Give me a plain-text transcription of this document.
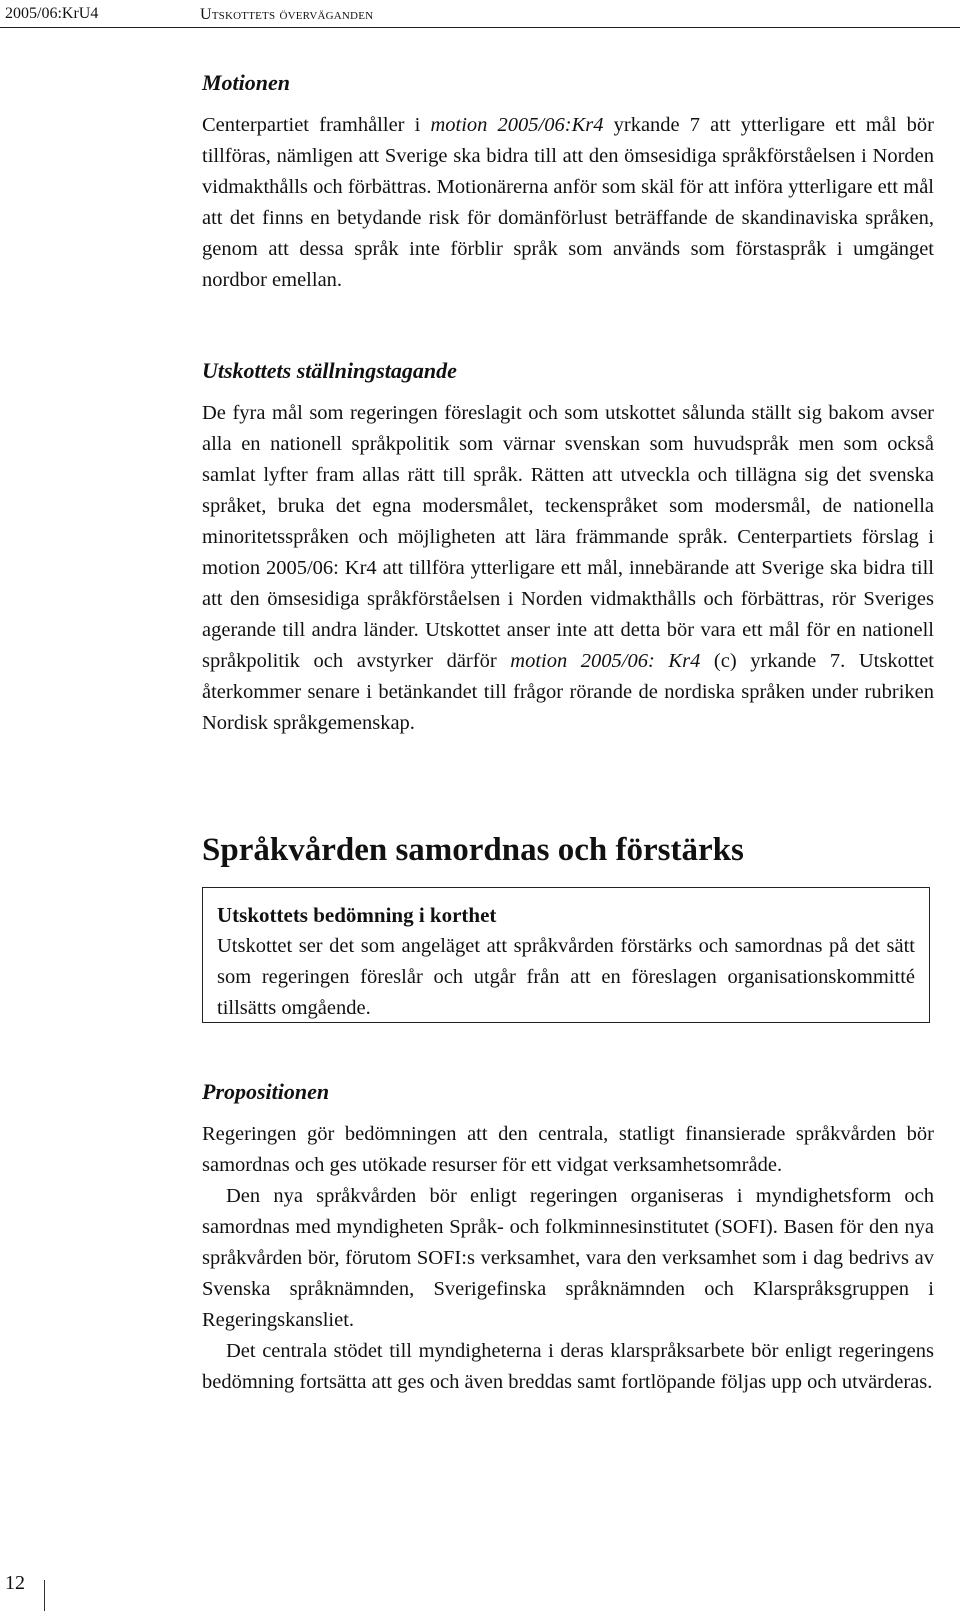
2005/06:KrU4	Utskottets överväganden
Motionen

Centerpartiet framhåller i motion 2005/06:Kr4 yrkande 7 att ytterligare ett mål bör tillföras, nämligen att Sverige ska bidra till att den ömsesidiga språkförståelsen i Norden vidmakthålls och förbättras. Motionärerna anför som skäl för att införa ytterligare ett mål att det finns en betydande risk för domänförlust beträffande de skandinaviska språken, genom att dessa språk inte förblir språk som används som förstaspråk i umgänget nordbor emellan.

Utskottets ställningstagande

De fyra mål som regeringen föreslagit och som utskottet sålunda ställt sig bakom avser alla en nationell språkpolitik som värnar svenskan som huvudspråk men som också samlat lyfter fram allas rätt till språk. Rätten att utveckla och tillägna sig det svenska språket, bruka det egna modersmålet, teckenspråket som modersmål, de nationella minoritetsspråken och möjligheten att lära främmande språk. Centerpartiets förslag i motion 2005/06: Kr4 att tillföra ytterligare ett mål, innebärande att Sverige ska bidra till att den ömsesidiga språkförståelsen i Norden vidmakthålls och förbättras, rör Sveriges agerande till andra länder. Utskottet anser inte att detta bör vara ett mål för en nationell språkpolitik och avstyrker därför motion 2005/06: Kr4 (c) yrkande 7. Utskottet återkommer senare i betänkandet till frågor rörande de nordiska språken under rubriken Nordisk språkgemenskap.

Språkvården samordnas och förstärks
Utskottets bedömning i korthet
Utskottet ser det som angeläget att språkvården förstärks och samordnas på det sätt som regeringen föreslår och utgår från att en föreslagen organisationskommitté tillsätts omgående.
Propositionen

Regeringen gör bedömningen att den centrala, statligt finansierade språkvården bör samordnas och ges utökade resurser för ett vidgat verksamhetsområde.

Den nya språkvården bör enligt regeringen organiseras i myndighetsform och samordnas med myndigheten Språk- och folkminnesinstitutet (SOFI). Basen för den nya språkvården bör, förutom SOFI:s verksamhet, vara den verksamhet som i dag bedrivs av Svenska språknämnden, Sverigefinska språknämnden och Klarspråksgruppen i Regeringskansliet.

Det centrala stödet till myndigheterna i deras klarspråksarbete bör enligt regeringens bedömning fortsätta att ges och även breddas samt fortlöpande följas upp och utvärderas.

12
